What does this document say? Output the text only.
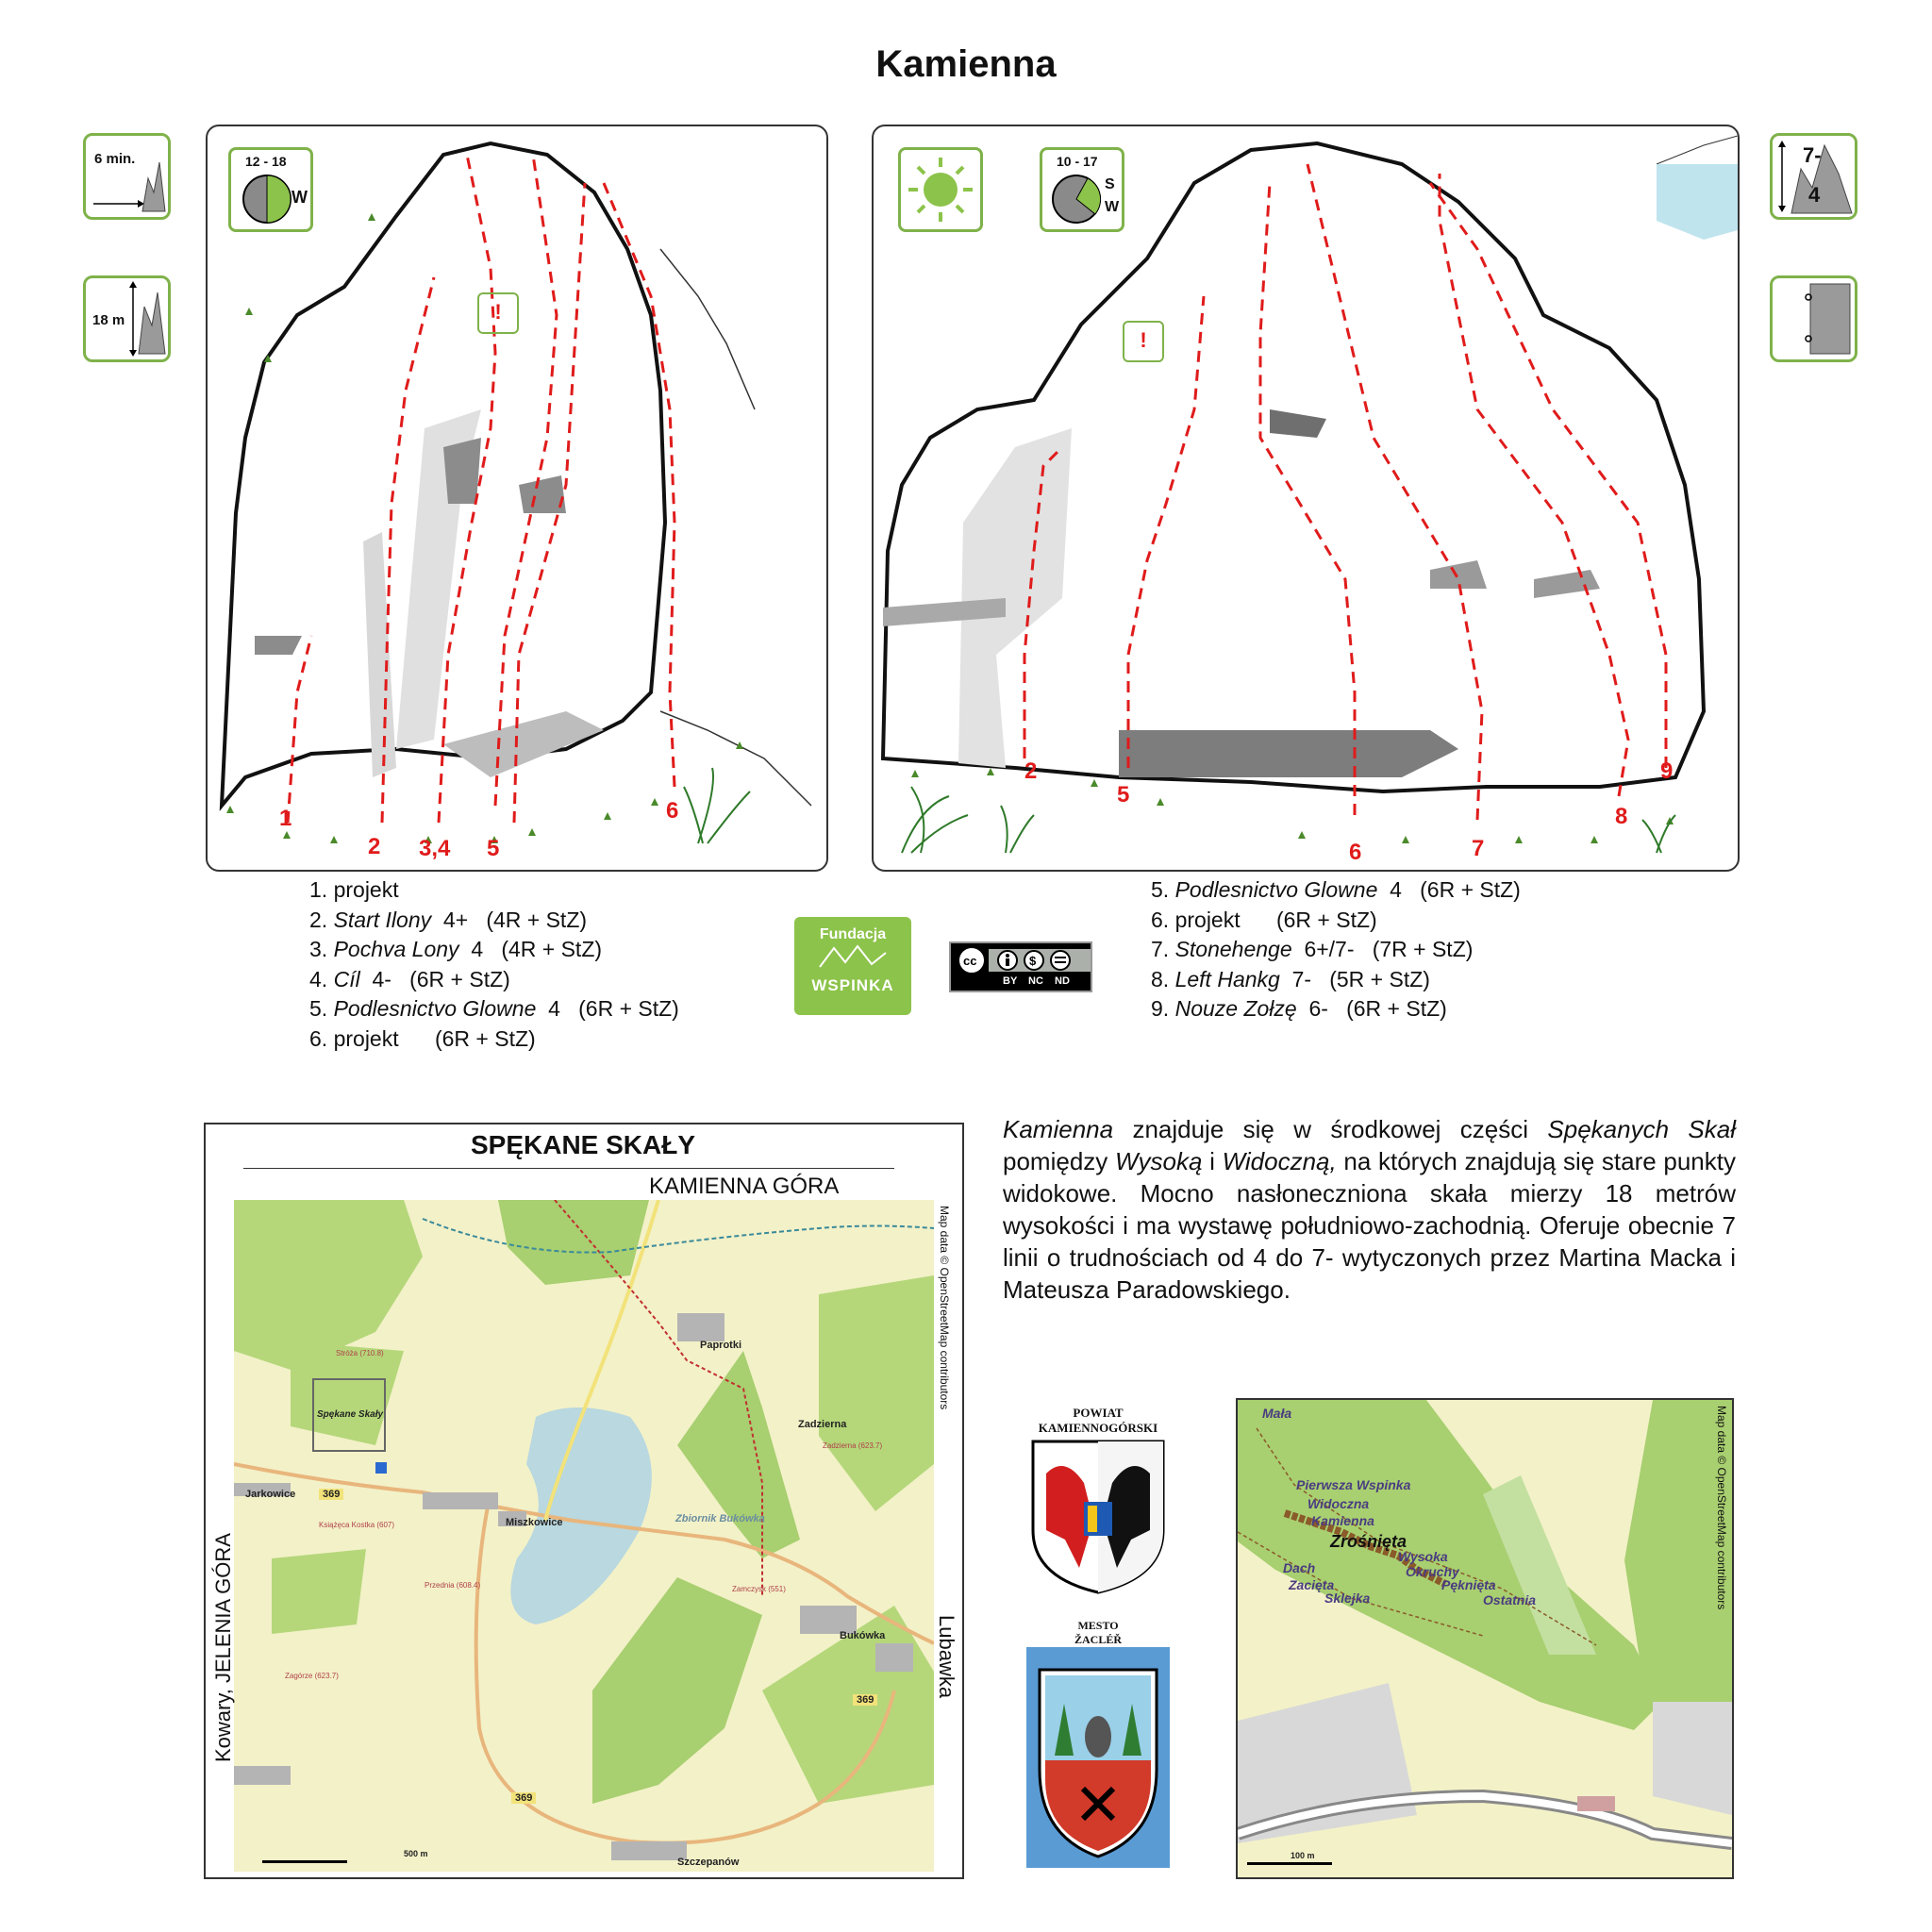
Kamienna
6 min.
18 m
7-
4
12 - 18
W
!
1
2 3,4 5
6
10 - 17
S
W
!
2
5
6	7
8
9
1. projekt
2. Start Ilony 4+ (4R + StZ)
3. Pochva Lony 4 (4R + StZ)
4. Cíl 4- (6R + StZ)
5. Podlesnictvo Glowne 4 (6R + StZ)
6. projekt (6R + StZ)
Fundacja
WSPINKA
cc	$
BY NC ND
5. Podlesnictvo Glowne 4 (6R + StZ)
6. projekt (6R + StZ)
7. Stonehenge 6+/7- (7R + StZ)
8. Left Hankg 7- (5R + StZ)
9. Nouze Zołzę 6- (6R + StZ)
SPĘKANE SKAŁY
KAMIENNA GÓRA
Jarkowice
Miszkowice
Paprotki
Zadzierna
Bukówka
Szczepanów
Zbiornik Bukówka
Spękane Skały
369
369
369
Stróża (710.8)
Książęca Kostka (607)
Przednia (608.4)
Zagórze (623.7)
Zadzierna (623.7)
Zamczysk (551)
500 m
Kowary, JELENIA GÓRA	Lubawka
Map data © OpenStreetMap contributors
Kamienna znajduje się w środkowej części Spękanych Skał pomiędzy Wysoką i Widoczną, na których znajdują się stare punkty widokowe. Mocno nasłoneczniona skała mierzy 18 metrów wysokości i ma wystawę południowo-zachodnią. Oferuje obecnie 7 linii o trudnościach od 4 do 7- wytyczonych przez Martina Macka i Mateusza Paradowskiego.
POWIAT
KAMIENNOGÓRSKI
MESTO
ŽACLÉŘ
Mała
Pierwsza Wspinka
Widoczna
Kamienna
Zrośnięta
Wysoka
Dach	Okruchy
Zacięta	Pęknięta
Sklejka	Ostatnia
100 m
Map data © OpenStreetMap contributors
